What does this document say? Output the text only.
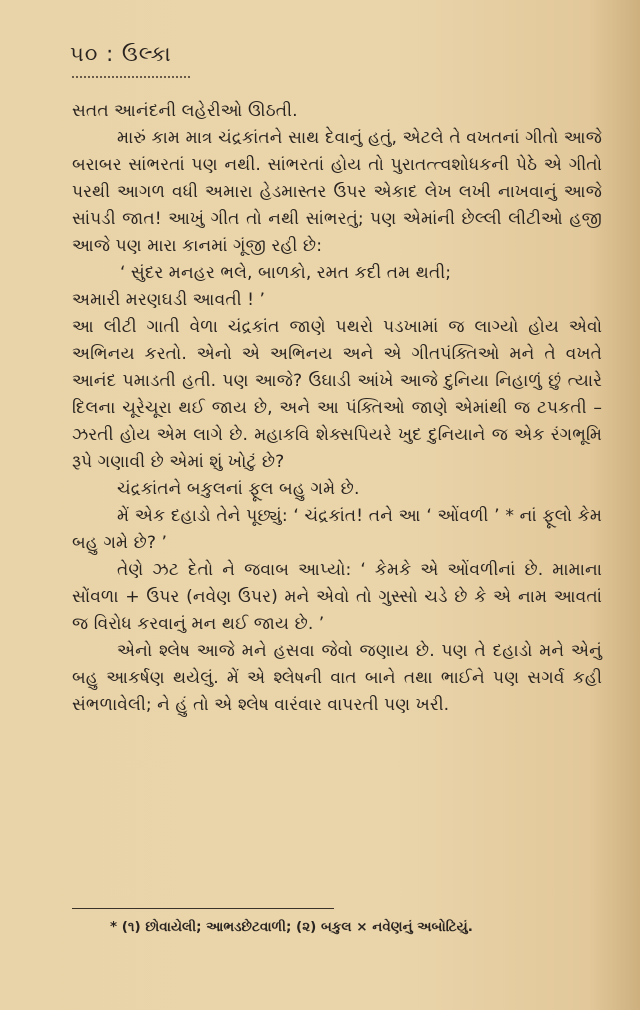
૫૦ : ઉલ્કા

સતત આનંદની લહેરીઓ ઊઠતી.

મારું કામ માત્ર ચંદ્રકાંતને સાથ દેવાનું હતું, એટલે તે વખતનાં ગીતો આજે બરાબર સાંભરતાં પણ નથી. સાંભરતાં હોય તો પુરાતત્ત્વશોધકની પેઠે એ ગીતો પરથી આગળ વધી અમારા હેડમાસ્તર ઉપર એકાદ લેખ લખી નાખવાનું આજે સાંપડી જાત! આખું ગીત તો નથી સાંભરતું; પણ એમાંની છેલ્લી લીટીઓ હજી આજે પણ મારા કાનમાં ગૂંજી રહી છે:

‘ સુંદર મનહર ભલે, બાળકો, રમત કદી તમ થતી;

અમારી મરણઘડી આવતી ! ’

આ લીટી ગાતી વેળા ચંદ્રકાંત જાણે પથરો પડખામાં જ લાગ્યો હોય એવો અભિનય કરતો. એનો એ અભિનય અને એ ગીતપંક્તિઓ મને તે વખતે આનંદ પમાડતી હતી. પણ આજે? ઉઘાડી આંખે આજે દુનિયા નિહાળું છું ત્યારે દિલના ચૂરેચૂરા થઈ જાય છે, અને આ પંક્તિઓ જાણે એમાંથી જ ટપકતી – ઝરતી હોય એમ લાગે છે. મહાકવિ શેક્સપિયરે ખુદ દુનિયાને જ એક રંગભૂમિ રૂપે ગણાવી છે એમાં શું ખોટું છે?

ચંદ્રકાંતને બકુલનાં ફૂલ બહુ ગમે છે.

મેં એક દહાડો તેને પૂછ્યું: ‘ ચંદ્રકાંત! તને આ ‘ ઓંવળી ’ * નાં ફૂલો કેમ બહુ ગમે છે? ’

તેણે ઝટ દેતો ને જવાબ આપ્યો: ‘ કેમકે એ ઓંવળીનાં છે. મામાના સોંવળા + ઉપર (નવેણ ઉપર) મને એવો તો ગુસ્સો ચડે છે કે એ નામ આવતાં જ વિરોધ કરવાનું મન થઈ જાય છે. ’

એનો શ્લેષ આજે મને હસવા જેવો જણાય છે. પણ તે દહાડો મને એનું બહુ આકર્ષણ થયેલું. મેં એ શ્લેષની વાત બાને તથા ભાઈને પણ સગર્વ કહી સંભળાવેલી; ને હું તો એ શ્લેષ વારંવાર વાપરતી પણ ખરી.

* (૧) છોવાયેલી; આભડછેટવાળી; (૨) બકુલ × નવેણનું અબોટિયું.
